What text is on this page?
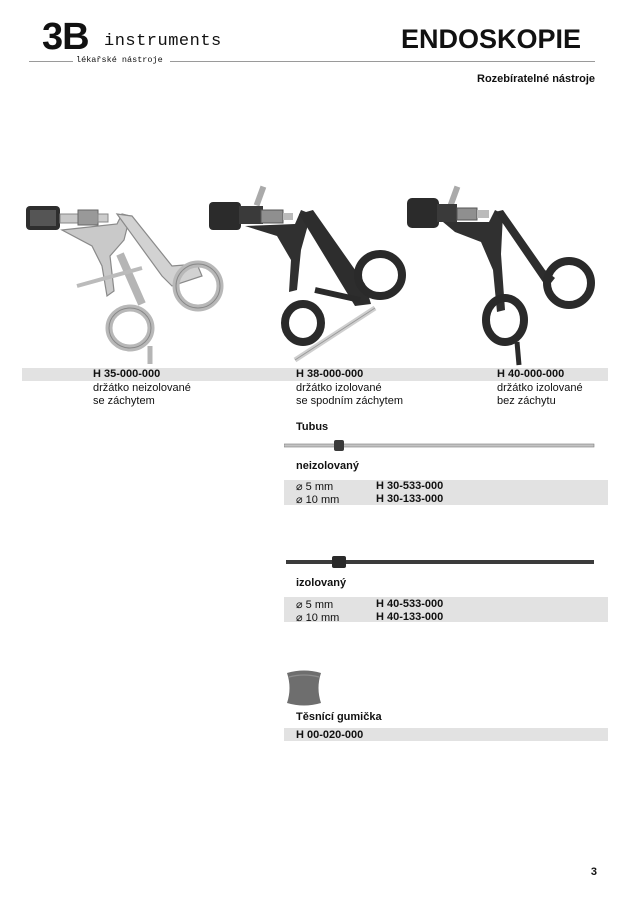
3B instruments
lékařské nástroje
ENDOSKOPIE
Rozebíratelné nástroje
H 35-000-000	H 38-000-000	H 40-000-000
držátko neizolované
se záchytem
držátko izolované
se spodním záchytem
držátko izolované
bez záchytu
Tubus
neizolovaný
⌀ 5 mm	H 30-533-000
⌀ 10 mm	H 30-133-000
izolovaný
⌀ 5 mm	H 40-533-000
⌀ 10 mm	H 40-133-000
Těsnící gumička
H 00-020-000
3
